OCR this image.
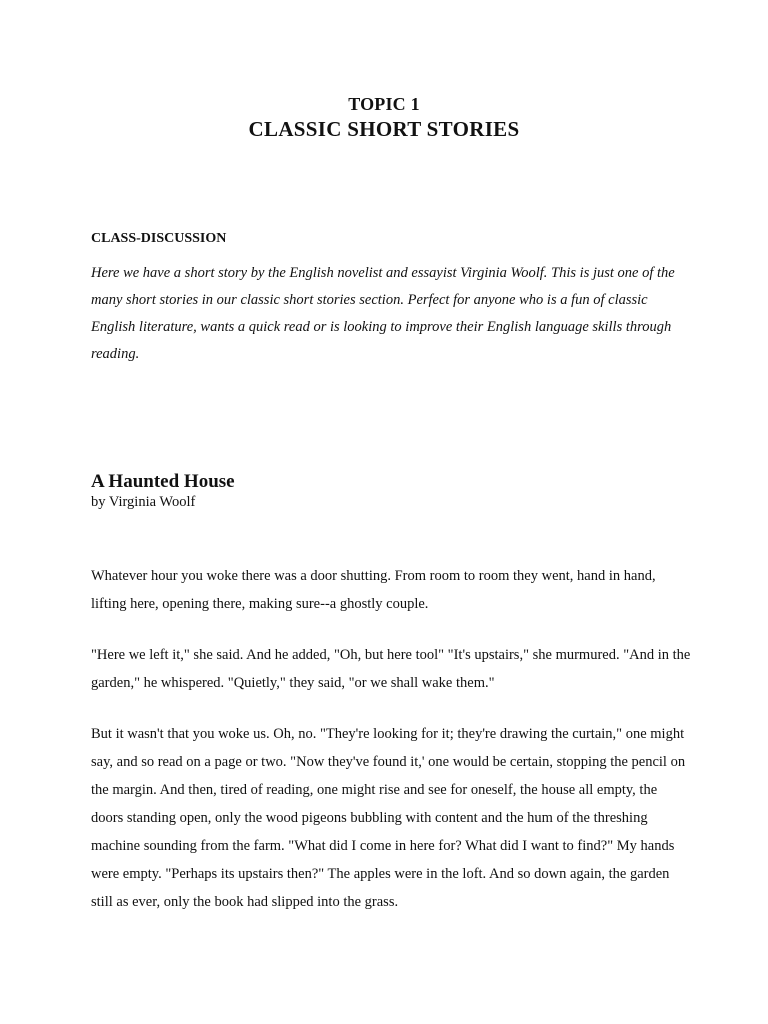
TOPIC 1
CLASSIC SHORT STORIES
CLASS-DISCUSSION

Here we have a short story by the English novelist and essayist Virginia Woolf. This is just one of the many short stories in our classic short stories section. Perfect for anyone who is a fun of classic English literature, wants a quick read or is looking to improve their English language skills through reading.

A Haunted House
by Virginia Woolf

Whatever hour you woke there was a door shutting. From room to room they went, hand in hand, lifting here, opening there, making sure--a ghostly couple.

"Here we left it," she said. And he added, "Oh, but here tool" "It's upstairs," she murmured. "And in the garden," he whispered. "Quietly," they said, "or we shall wake them."

But it wasn't that you woke us. Oh, no. "They're looking for it; they're drawing the curtain," one might say, and so read on a page or two. "Now they've found it,' one would be certain, stopping the pencil on the margin. And then, tired of reading, one might rise and see for oneself, the house all empty, the doors standing open, only the wood pigeons bubbling with content and the hum of the threshing machine sounding from the farm. "What did I come in here for? What did I want to find?" My hands were empty. "Perhaps its upstairs then?" The apples were in the loft. And so down again, the garden still as ever, only the book had slipped into the grass.
